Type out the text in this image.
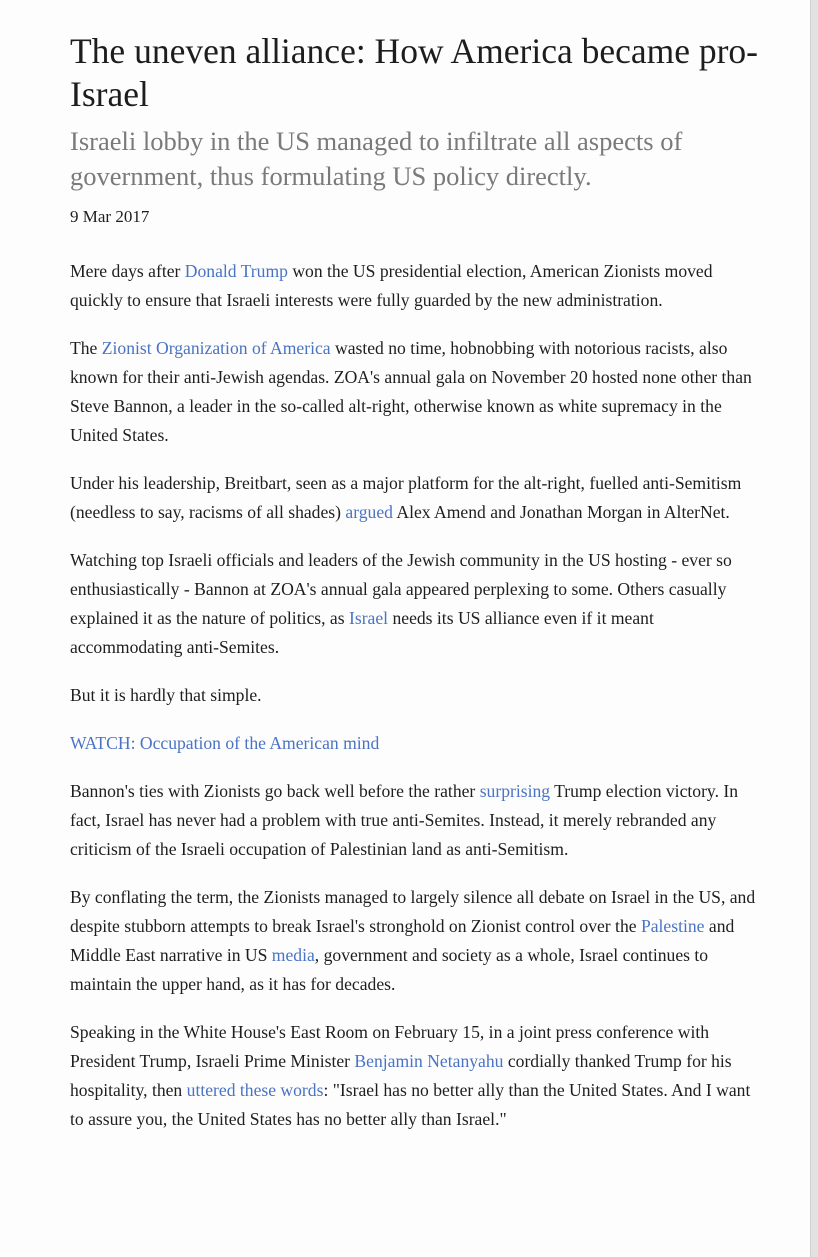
The uneven alliance: How America became pro-Israel
Israeli lobby in the US managed to infiltrate all aspects of government, thus formulating US policy directly.
9 Mar 2017

Mere days after Donald Trump won the US presidential election, American Zionists moved quickly to ensure that Israeli interests were fully guarded by the new administration.

The Zionist Organization of America wasted no time, hobnobbing with notorious racists, also known for their anti-Jewish agendas. ZOA's annual gala on November 20 hosted none other than Steve Bannon, a leader in the so-called alt-right, otherwise known as white supremacy in the United States.

Under his leadership, Breitbart, seen as a major platform for the alt-right, fuelled anti-Semitism (needless to say, racisms of all shades) argued Alex Amend and Jonathan Morgan in AlterNet.

Watching top Israeli officials and leaders of the Jewish community in the US hosting - ever so enthusiastically - Bannon at ZOA's annual gala appeared perplexing to some. Others casually explained it as the nature of politics, as Israel needs its US alliance even if it meant accommodating anti-Semites.

But it is hardly that simple.

WATCH: Occupation of the American mind

Bannon's ties with Zionists go back well before the rather surprising Trump election victory. In fact, Israel has never had a problem with true anti-Semites. Instead, it merely rebranded any criticism of the Israeli occupation of Palestinian land as anti-Semitism.

By conflating the term, the Zionists managed to largely silence all debate on Israel in the US, and despite stubborn attempts to break Israel's stronghold on Zionist control over the Palestine and Middle East narrative in US media, government and society as a whole, Israel continues to maintain the upper hand, as it has for decades.

Speaking in the White House's East Room on February 15, in a joint press conference with President Trump, Israeli Prime Minister Benjamin Netanyahu cordially thanked Trump for his hospitality, then uttered these words: "Israel has no better ally than the United States. And I want to assure you, the United States has no better ally than Israel."
